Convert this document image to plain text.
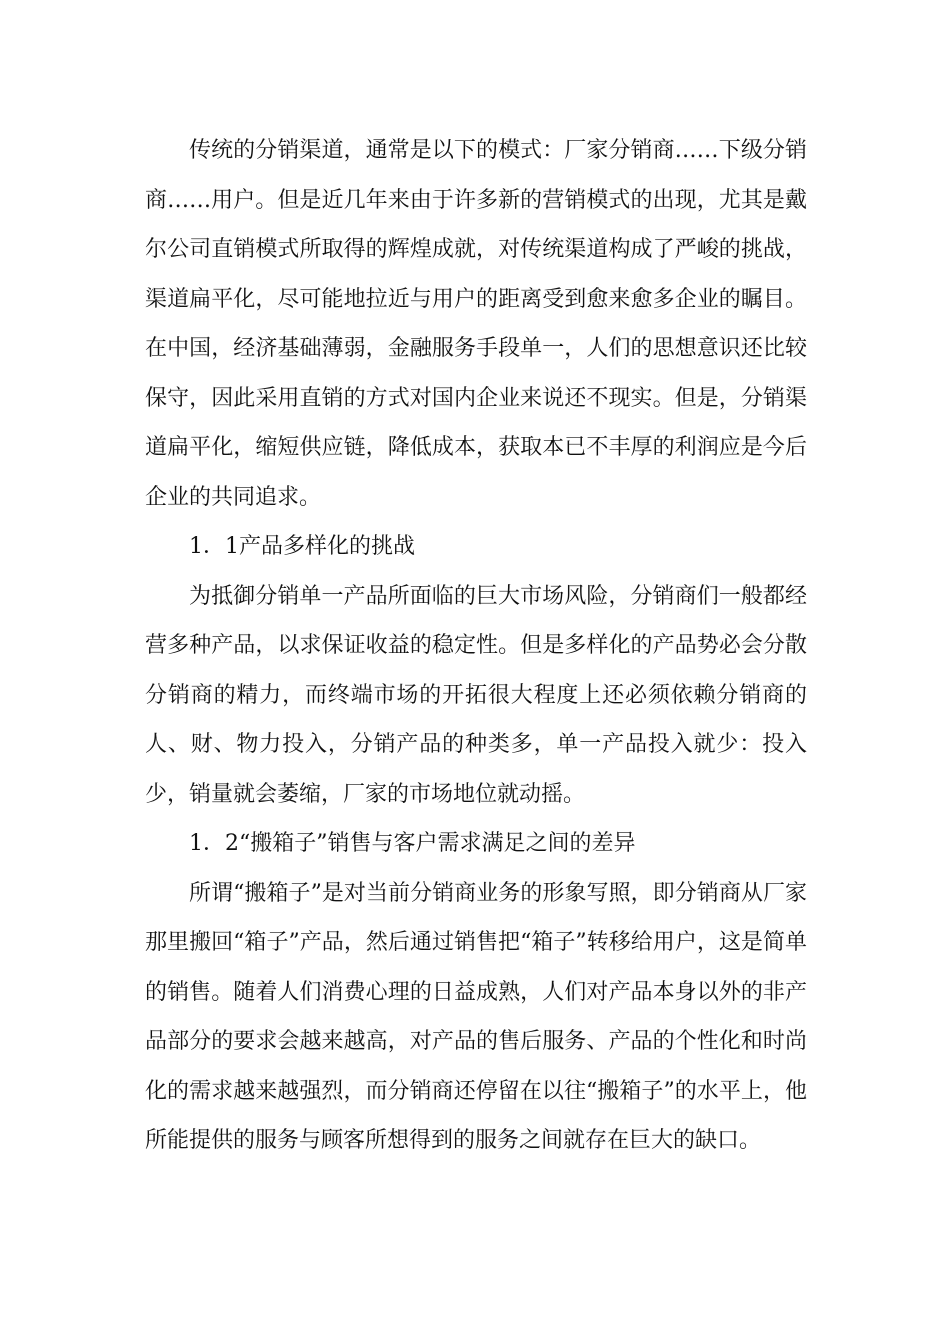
传统的分销渠道，通常是以下的模式：厂家分销商……下级分销商……用户。但是近几年来由于许多新的营销模式的出现，尤其是戴尔公司直销模式所取得的辉煌成就，对传统渠道构成了严峻的挑战，渠道扁平化，尽可能地拉近与用户的距离受到愈来愈多企业的瞩目。在中国，经济基础薄弱，金融服务手段单一，人们的思想意识还比较保守，因此采用直销的方式对国内企业来说还不现实。但是，分销渠道扁平化，缩短供应链，降低成本，获取本已不丰厚的利润应是今后企业的共同追求。

1．1产品多样化的挑战

为抵御分销单一产品所面临的巨大市场风险，分销商们一般都经营多种产品，以求保证收益的稳定性。但是多样化的产品势必会分散分销商的精力，而终端市场的开拓很大程度上还必须依赖分销商的人、财、物力投入，分销产品的种类多，单一产品投入就少：投入少，销量就会萎缩，厂家的市场地位就动摇。

1．2“搬箱子”销售与客户需求满足之间的差异

所谓“搬箱子”是对当前分销商业务的形象写照，即分销商从厂家那里搬回“箱子”产品，然后通过销售把“箱子”转移给用户，这是简单的销售。随着人们消费心理的日益成熟，人们对产品本身以外的非产品部分的要求会越来越高，对产品的售后服务、产品的个性化和时尚化的需求越来越强烈，而分销商还停留在以往“搬箱子”的水平上，他所能提供的服务与顾客所想得到的服务之间就存在巨大的缺口。
